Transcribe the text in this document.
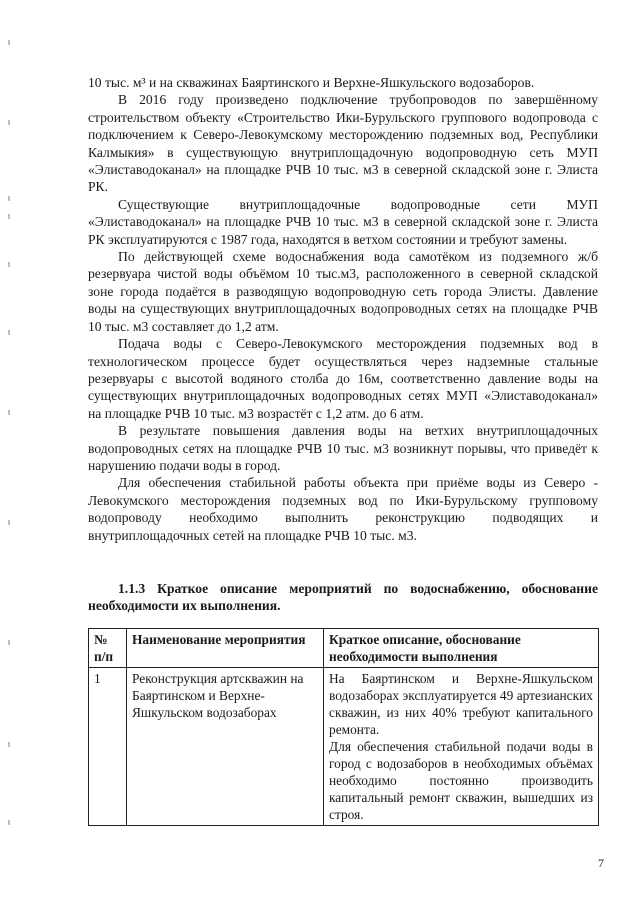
10 тыс. м³ и на скважинах Баяртинского и Верхне-Яшкульского водозаборов.

В 2016 году произведено подключение трубопроводов по завершённому строительством объекту «Строительство Ики-Бурульского группового водопровода с подключением к Северо-Левокумскому месторождению подземных вод, Республики Калмыкия» в существующую внутриплощадочную водопроводную сеть МУП «Элиставодоканал» на площадке РЧВ 10 тыс. м3 в северной складской зоне г. Элиста РК.

Существующие внутриплощадочные водопроводные сети МУП «Элиставодоканал» на площадке РЧВ 10 тыс. м3 в северной складской зоне г. Элиста РК эксплуатируются с 1987 года, находятся в ветхом состоянии и требуют замены.

По действующей схеме водоснабжения вода самотёком из подземного ж/б резервуара чистой воды объёмом 10 тыс.м3, расположенного в северной складской зоне города подаётся в разводящую водопроводную сеть города Элисты. Давление воды на существующих внутриплощадочных водопроводных сетях на площадке РЧВ 10 тыс. м3 составляет до 1,2 атм.

Подача воды с Северо-Левокумского месторождения подземных вод в технологическом процессе будет осуществляться через надземные стальные резервуары с высотой водяного столба до 16м, соответственно давление воды на существующих внутриплощадочных водопроводных сетях МУП «Элиставодоканал» на площадке РЧВ 10 тыс. м3 возрастёт с 1,2 атм. до 6 атм.

В результате повышения давления воды на ветхих внутриплощадочных водопроводных сетях на площадке РЧВ 10 тыс. м3 возникнут порывы, что приведёт к нарушению подачи воды в город.

Для обеспечения стабильной работы объекта при приёме воды из Северо - Левокумского месторождения подземных вод по Ики-Бурульскому групповому водопроводу необходимо выполнить реконструкцию подводящих и внутриплощадочных сетей на площадке РЧВ 10 тыс. м3.

1.1.3 Краткое описание мероприятий по водоснабжению, обоснование необходимости их выполнения.
№ п/п	Наименование мероприятия	Краткое описание, обоснование необходимости выполнения
1	Реконструкция артскважин на Баяртинском и Верхне-Яшкульском водозаборах	На Баяртинском и Верхне-Яшкульском водозаборах эксплуатируется 49 артезианских скважин, из них 40% требуют капитального ремонта.
Для обеспечения стабильной подачи воды в город с водозаборов в необходимых объёмах необходимо постоянно производить капитальный ремонт скважин, вышедших из строя.
7
